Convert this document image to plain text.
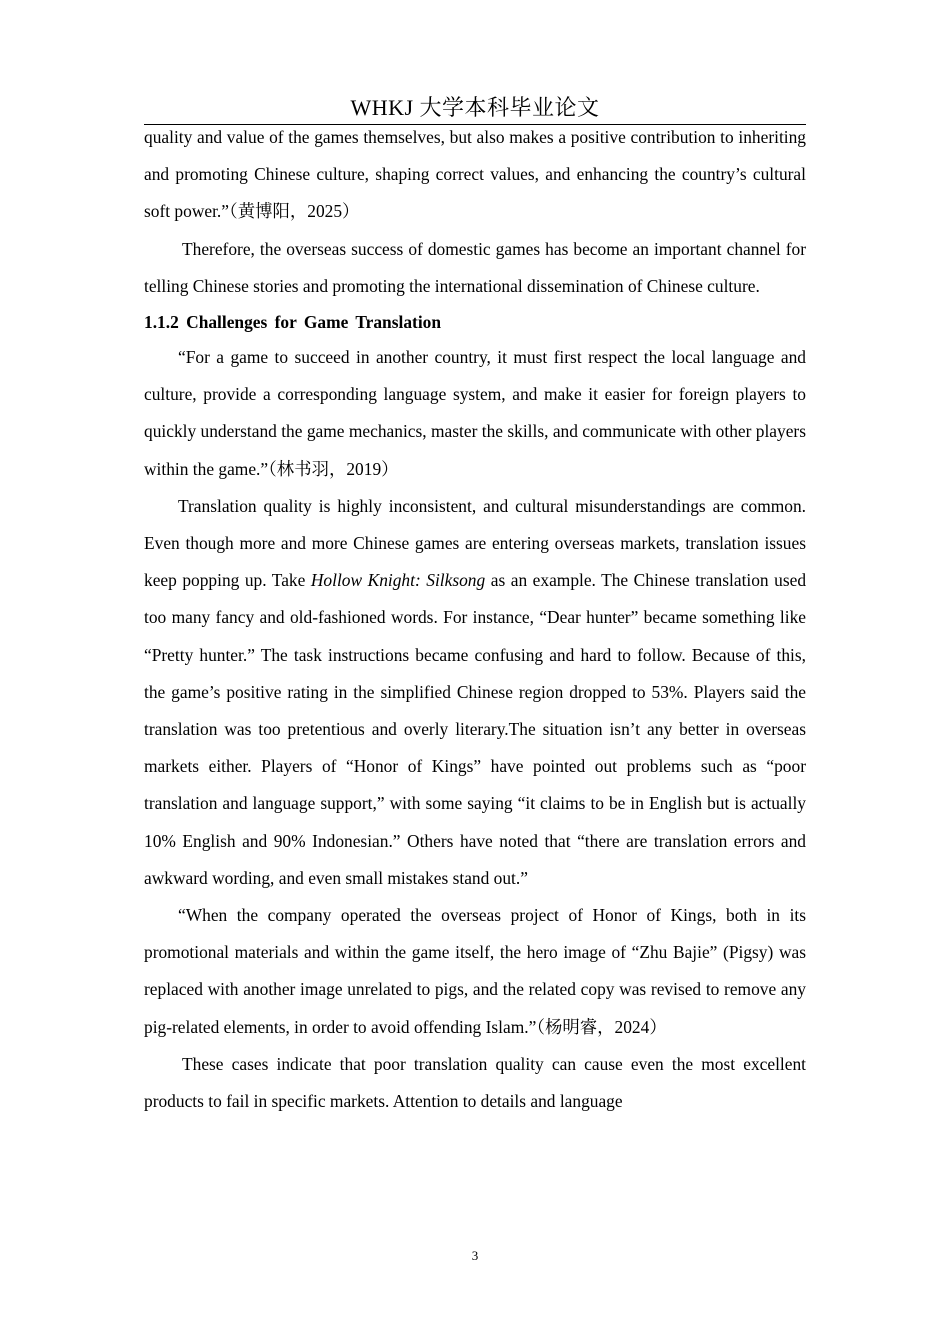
WHKJ 大学本科毕业论文

quality and value of the games themselves, but also makes a positive contribution to inheriting and promoting Chinese culture, shaping correct values, and enhancing the country’s cultural soft power.”（黄博阳，2025）

Therefore, the overseas success of domestic games has become an important channel for telling Chinese stories and promoting the international dissemination of Chinese culture.

1.1.2 Challenges for Game Translation

“For a game to succeed in another country, it must first respect the local language and culture, provide a corresponding language system, and make it easier for foreign players to quickly understand the game mechanics, master the skills, and communicate with other players within the game.”（林书羽，2019）

Translation quality is highly inconsistent, and cultural misunderstandings are common. Even though more and more Chinese games are entering overseas markets, translation issues keep popping up. Take Hollow Knight: Silksong as an example. The Chinese translation used too many fancy and old-fashioned words. For instance, “Dear hunter” became something like “Pretty hunter.” The task instructions became confusing and hard to follow. Because of this, the game’s positive rating in the simplified Chinese region dropped to 53%. Players said the translation was too pretentious and overly literary.The situation isn’t any better in overseas markets either. Players of “Honor of Kings” have pointed out problems such as “poor translation and language support,” with some saying “it claims to be in English but is actually 10% English and 90% Indonesian.” Others have noted that “there are translation errors and awkward wording, and even small mistakes stand out.”

“When the company operated the overseas project of Honor of Kings, both in its promotional materials and within the game itself, the hero image of “Zhu Bajie” (Pigsy) was replaced with another image unrelated to pigs, and the related copy was revised to remove any pig-related elements, in order to avoid offending Islam.”（杨明睿，2024）

These cases indicate that poor translation quality can cause even the most excellent products to fail in specific markets. Attention to details and language

3
